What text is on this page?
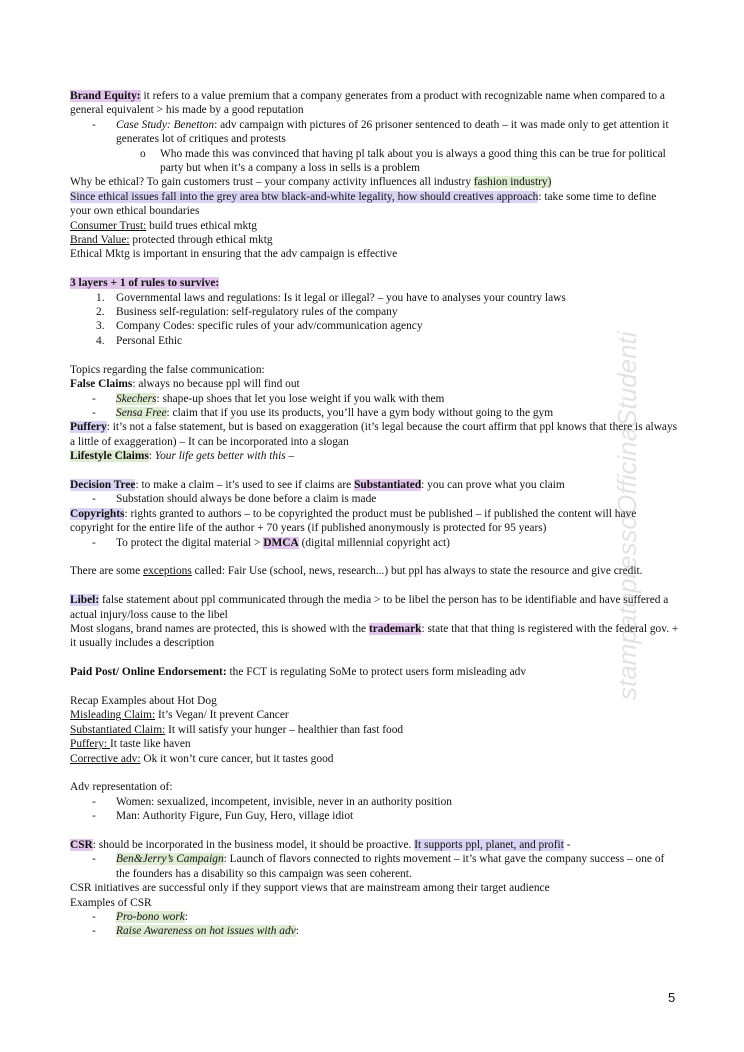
Brand Equity: it refers to a value premium that a company generates from a product with recognizable name when compared to a general equivalent > his made by a good reputation
- Case Study: Benetton: adv campaign with pictures of 26 prisoner sentenced to death – it was made only to get attention it generates lot of critiques and protests
o Who made this was convinced that having pl talk about you is always a good thing this can be true for political party but when it’s a company a loss in sells is a problem
Why be ethical? To gain customers trust – your company activity influences all industry fashion industry)
Since ethical issues fall into the grey area btw black-and-white legality, how should creatives approach: take some time to define your own ethical boundaries
Consumer Trust: build trues ethical mktg
Brand Value: protected through ethical mktg
Ethical Mktg is important in ensuring that the adv campaign is effective
3 layers + 1 of rules to survive:
1. Governmental laws and regulations: Is it legal or illegal? – you have to analyses your country laws
2. Business self-regulation: self-regulatory rules of the company
3. Company Codes: specific rules of your adv/communication agency
4. Personal Ethic
Topics regarding the false communication:
False Claims: always no because ppl will find out
- Skechers: shape-up shoes that let you lose weight if you walk with them
- Sensa Free: claim that if you use its products, you’ll have a gym body without going to the gym
Puffery: it’s not a false statement, but is based on exaggeration (it’s legal because the court affirm that ppl knows that there is always a little of exaggeration) – It can be incorporated into a slogan
Lifestyle Claims: Your life gets better with this –
Decision Tree: to make a claim – it’s used to see if claims are Substantiated: you can prove what you claim
- Substation should always be done before a claim is made
Copyrights: rights granted to authors – to be copyrighted the product must be published – if published the content will have copyright for the entire life of the author + 70 years (if published anonymously is protected for 95 years)
- To protect the digital material > DMCA (digital millennial copyright act)
There are some exceptions called: Fair Use (school, news, research...) but ppl has always to state the resource and give credit.
Libel: false statement about ppl communicated through the media > to be libel the person has to be identifiable and have suffered a actual injury/loss cause to the libel
Most slogans, brand names are protected, this is showed with the trademark: state that that thing is registered with the federal gov. + it usually includes a description
Paid Post/ Online Endorsement: the FCT is regulating SoMe to protect users form misleading adv
Recap Examples about Hot Dog
Misleading Claim: It’s Vegan/ It prevent Cancer
Substantiated Claim: It will satisfy your hunger – healthier than fast food
Puffery: It taste like haven
Corrective adv: Ok it won’t cure cancer, but it tastes good
Adv representation of:
- Women: sexualized, incompetent, invisible, never in an authority position
- Man: Authority Figure, Fun Guy, Hero, village idiot
CSR: should be incorporated in the business model, it should be proactive. It supports ppl, planet, and profit -
- Ben&Jerry’s Campaign: Launch of flavors connected to rights movement – it’s what gave the company success – one of the founders has a disability so this campaign was seen coherent.
CSR initiatives are successful only if they support views that are mainstream among their target audience
Examples of CSR
- Pro-bono work:
- Raise Awareness on hot issues with adv:
stampatopressoOfficinaStudenti
5
